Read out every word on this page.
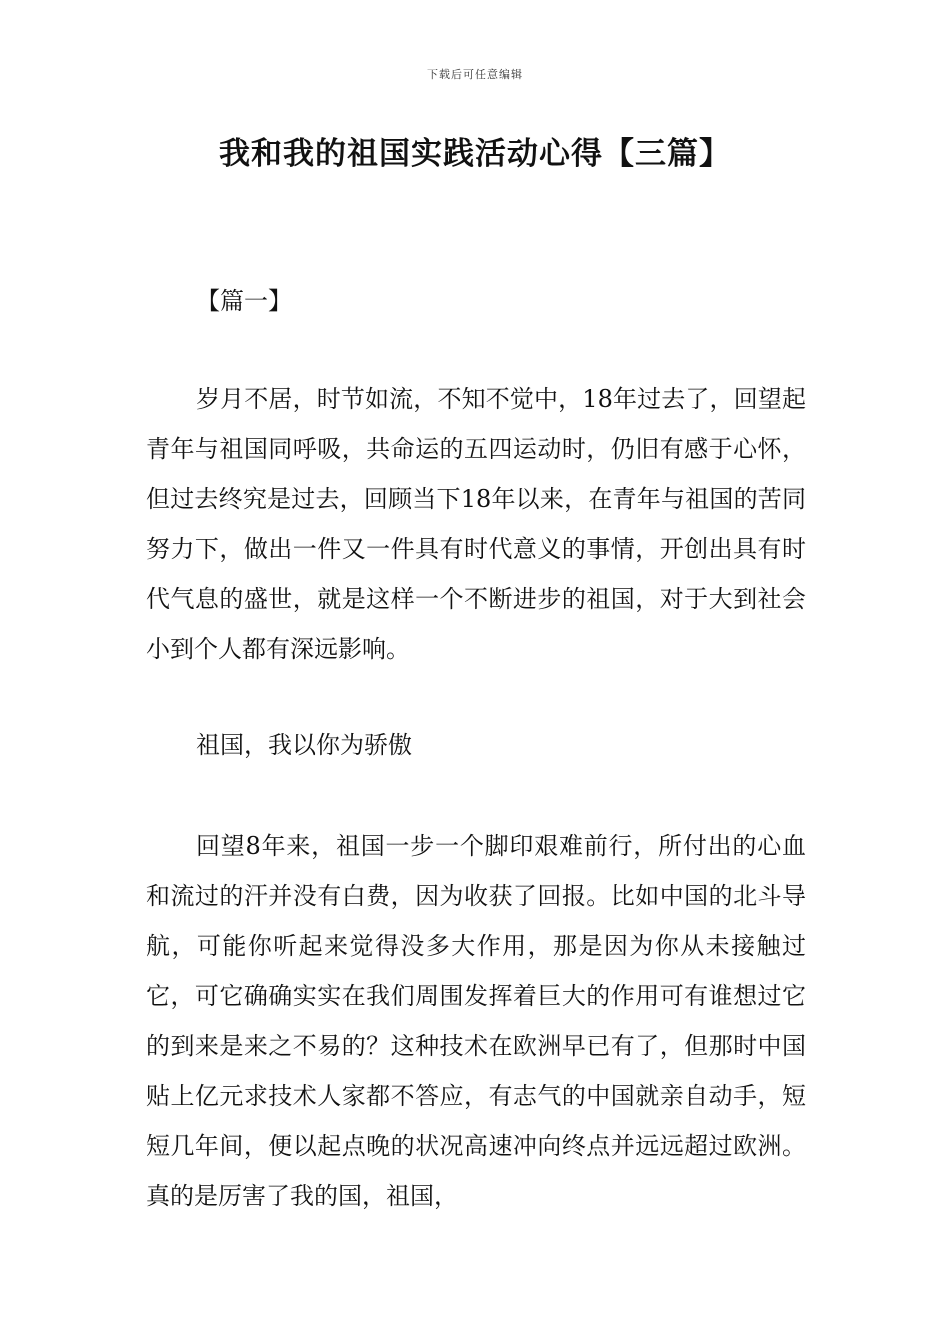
下载后可任意编辑
我和我的祖国实践活动心得【三篇】
【篇一】

岁月不居，时节如流，不知不觉中，18年过去了，回望起青年与祖国同呼吸，共命运的五四运动时，仍旧有感于心怀，但过去终究是过去，回顾当下18年以来，在青年与祖国的苦同努力下，做出一件又一件具有时代意义的事情，开创出具有时代气息的盛世，就是这样一个不断进步的祖国，对于大到社会小到个人都有深远影响。

祖国，我以你为骄傲

回望8年来，祖国一步一个脚印艰难前行，所付出的心血和流过的汗并没有白费，因为收获了回报。比如中国的北斗导航，可能你听起来觉得没多大作用，那是因为你从未接触过它，可它确确实实在我们周围发挥着巨大的作用可有谁想过它的到来是来之不易的？这种技术在欧洲早已有了，但那时中国贴上亿元求技术人家都不答应，有志气的中国就亲自动手，短短几年间，便以起点晚的状况高速冲向终点并远远超过欧洲。真的是厉害了我的国，祖国，
